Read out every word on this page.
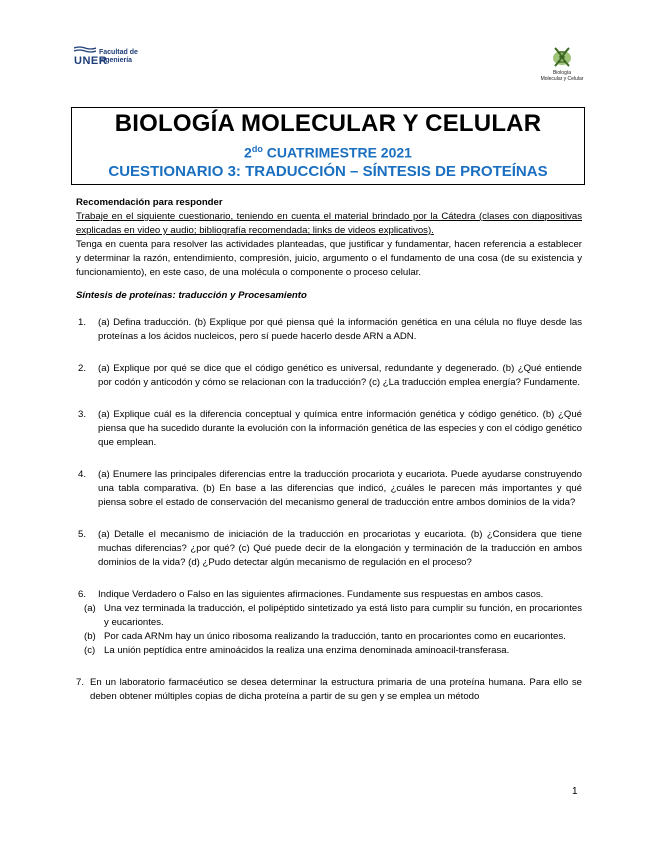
UNER
Facultad de
Ingeniería
Biología
Molecular y Celular
BIOLOGÍA MOLECULAR Y CELULAR
$2^{do}$ CUATRIMESTRE 2021
CUESTIONARIO 3: TRADUCCIÓN – SÍNTESIS DE PROTEÍNAS

Recomendación para responder

Trabaje en el siguiente cuestionario, teniendo en cuenta el material brindado por la Cátedra (clases con diapositivas explicadas en video y audio; bibliografía recomendada; links de videos explicativos).

Tenga en cuenta para resolver las actividades planteadas, que justificar y fundamentar, hacen referencia a establecer y determinar la razón, entendimiento, compresión, juicio, argumento o el fundamento de una cosa (de su existencia y funcionamiento), en este caso, de una molécula o componente o proceso celular.

Síntesis de proteínas: traducción y Procesamiento

1. (a) Defina traducción. (b) Explique por qué piensa qué la información genética en una célula no fluye desde las proteínas a los ácidos nucleicos, pero sí puede hacerlo desde ARN a ADN.

2. (a) Explique por qué se dice que el código genético es universal, redundante y degenerado. (b) ¿Qué entiende por codón y anticodón y cómo se relacionan con la traducción? (c) ¿La traducción emplea energía? Fundamente.

3. (a) Explique cuál es la diferencia conceptual y química entre información genética y código genético. (b) ¿Qué piensa que ha sucedido durante la evolución con la información genética de las especies y con el código genético que emplean.

4. (a) Enumere las principales diferencias entre la traducción procariota y eucariota. Puede ayudarse construyendo una tabla comparativa. (b) En base a las diferencias que indicó, ¿cuáles le parecen más importantes y qué piensa sobre el estado de conservación del mecanismo general de traducción entre ambos dominios de la vida?

5. (a) Detalle el mecanismo de iniciación de la traducción en procariotas y eucariota. (b) ¿Considera que tiene muchas diferencias? ¿por qué? (c) Qué puede decir de la elongación y terminación de la traducción en ambos dominios de la vida? (d) ¿Pudo detectar algún mecanismo de regulación en el proceso?

6. Indique Verdadero o Falso en las siguientes afirmaciones. Fundamente sus respuestas en ambos casos.

(a) Una vez terminada la traducción, el polipéptido sintetizado ya está listo para cumplir su función, en procariontes y eucariontes.

(b) Por cada ARNm hay un único ribosoma realizando la traducción, tanto en procariontes como en eucariontes.

(c) La unión peptídica entre aminoácidos la realiza una enzima denominada aminoacil-transferasa.

7. En un laboratorio farmacéutico se desea determinar la estructura primaria de una proteína humana. Para ello se deben obtener múltiples copias de dicha proteína a partir de su gen y se emplea un método

1
